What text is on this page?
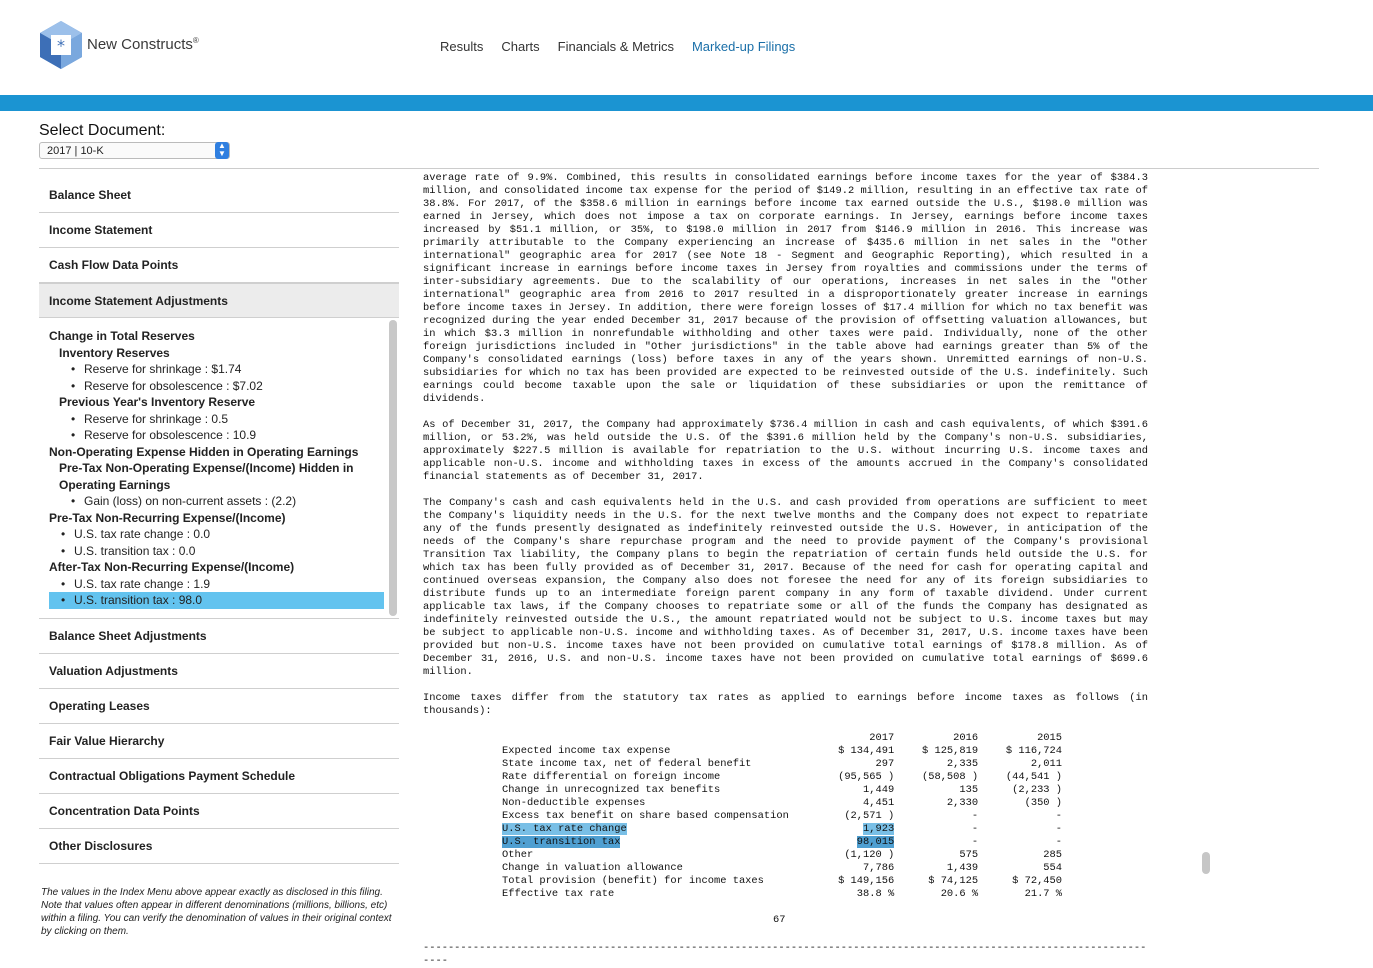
* New Constructs®	Results Charts Financials & Metrics Marked-up Filings
Select Document:
2017 | 10-K	▲
▼
Balance Sheet
Income Statement
Cash Flow Data Points
Income Statement Adjustments
Change in Total Reserves
Inventory Reserves
• Reserve for shrinkage : $1.74
• Reserve for obsolescence : $7.02
Previous Year's Inventory Reserve
• Reserve for shrinkage : 0.5
• Reserve for obsolescence : 10.9
Non-Operating Expense Hidden in Operating Earnings
Pre-Tax Non-Operating Expense/(Income) Hidden in
Operating Earnings
• Gain (loss) on non-current assets : (2.2)
Pre-Tax Non-Recurring Expense/(Income)
• U.S. tax rate change : 0.0
• U.S. transition tax : 0.0
After-Tax Non-Recurring Expense/(Income)
• U.S. tax rate change : 1.9
• U.S. transition tax : 98.0
Balance Sheet Adjustments
Valuation Adjustments
Operating Leases
Fair Value Hierarchy
Contractual Obligations Payment Schedule
Concentration Data Points
Other Disclosures
The values in the Index Menu above appear exactly as disclosed in this filing. Note that values often appear in different denominations (millions, billions, etc) within a filing. You can verify the denomination of values in their original context by clicking on them.

average rate of 9.9%. Combined, this results in consolidated earnings before income taxes for the year of $384.3 million, and consolidated income tax expense for the period of $149.2 million, resulting in an effective tax rate of 38.8%. For 2017, of the $358.6 million in earnings before income tax earned outside the U.S., $198.0 million was earned in Jersey, which does not impose a tax on corporate earnings. In Jersey, earnings before income taxes increased by $51.1 million, or 35%, to $198.0 million in 2017 from $146.9 million in 2016. This increase was primarily attributable to the Company experiencing an increase of $435.6 million in net sales in the "Other international" geographic area for 2017 (see Note 18 - Segment and Geographic Reporting), which resulted in a significant increase in earnings before income taxes in Jersey from royalties and commissions under the terms of inter-subsidiary agreements. Due to the scalability of our operations, increases in net sales in the "Other international" geographic area from 2016 to 2017 resulted in a disproportionately greater increase in earnings before income taxes in Jersey. In addition, there were foreign losses of $17.4 million for which no tax benefit was recognized during the year ended December 31, 2017 because of the provision of offsetting valuation allowances, but in which $3.3 million in nonrefundable withholding and other taxes were paid. Individually, none of the other foreign jurisdictions included in "Other jurisdictions" in the table above had earnings greater than 5% of the Company's consolidated earnings (loss) before taxes in any of the years shown. Unremitted earnings of non-U.S. subsidiaries for which no tax has been provided are expected to be reinvested outside of the U.S. indefinitely. Such earnings could become taxable upon the sale or liquidation of these subsidiaries or upon the remittance of dividends.

As of December 31, 2017, the Company had approximately $736.4 million in cash and cash equivalents, of which $391.6 million, or 53.2%, was held outside the U.S. Of the $391.6 million held by the Company's non-U.S. subsidiaries, approximately $227.5 million is available for repatriation to the U.S. without incurring U.S. income taxes and applicable non-U.S. income and withholding taxes in excess of the amounts accrued in the Company's consolidated financial statements as of December 31, 2017.

The Company's cash and cash equivalents held in the U.S. and cash provided from operations are sufficient to meet the Company's liquidity needs in the U.S. for the next twelve months and the Company does not expect to repatriate any of the funds presently designated as indefinitely reinvested outside the U.S. However, in anticipation of the needs of the Company's share repurchase program and the need to provide payment of the Company's provisional Transition Tax liability, the Company plans to begin the repatriation of certain funds held outside the U.S. for which tax has been fully provided as of December 31, 2017. Because of the need for cash for operating capital and continued overseas expansion, the Company also does not foresee the need for any of its foreign subsidiaries to distribute funds up to an intermediate foreign parent company in any form of taxable dividend. Under current applicable tax laws, if the Company chooses to repatriate some or all of the funds the Company has designated as indefinitely reinvested outside the U.S., the amount repatriated would not be subject to U.S. income taxes but may be subject to applicable non-U.S. income and withholding taxes. As of December 31, 2017, U.S. income taxes have been provided but non-U.S. income taxes have not been provided on cumulative total earnings of $178.8 million. As of December 31, 2016, U.S. and non-U.S. income taxes have not been provided on cumulative total earnings of $699.6 million.

Income taxes differ from the statutory tax rates as applied to earnings before income taxes as follows (in thousands):

2017	2016	2015
Expected income tax expense	$ 134,491	$ 125,819	$ 116,724
State income tax, net of federal benefit	297	2,335	2,011
Rate differential on foreign income	(95,565 )	(58,508 )	(44,541 )
Change in unrecognized tax benefits	1,449	135	(2,233 )
Non-deductible expenses	4,451	2,330	(350 )
Excess tax benefit on share based compensation	(2,571 )	-	-
U.S. tax rate change	1,923	-	-
U.S. transition tax	98,015	-	-
Other	(1,120 )	575	285
Change in valuation allowance	7,786	1,439	554
Total provision (benefit) for income taxes	$ 149,156	$ 74,125	$ 72,450
Effective tax rate	38.8 %	20.6 %	21.7 %
67
------------------------------------------------------------------------------------------------------------------------
